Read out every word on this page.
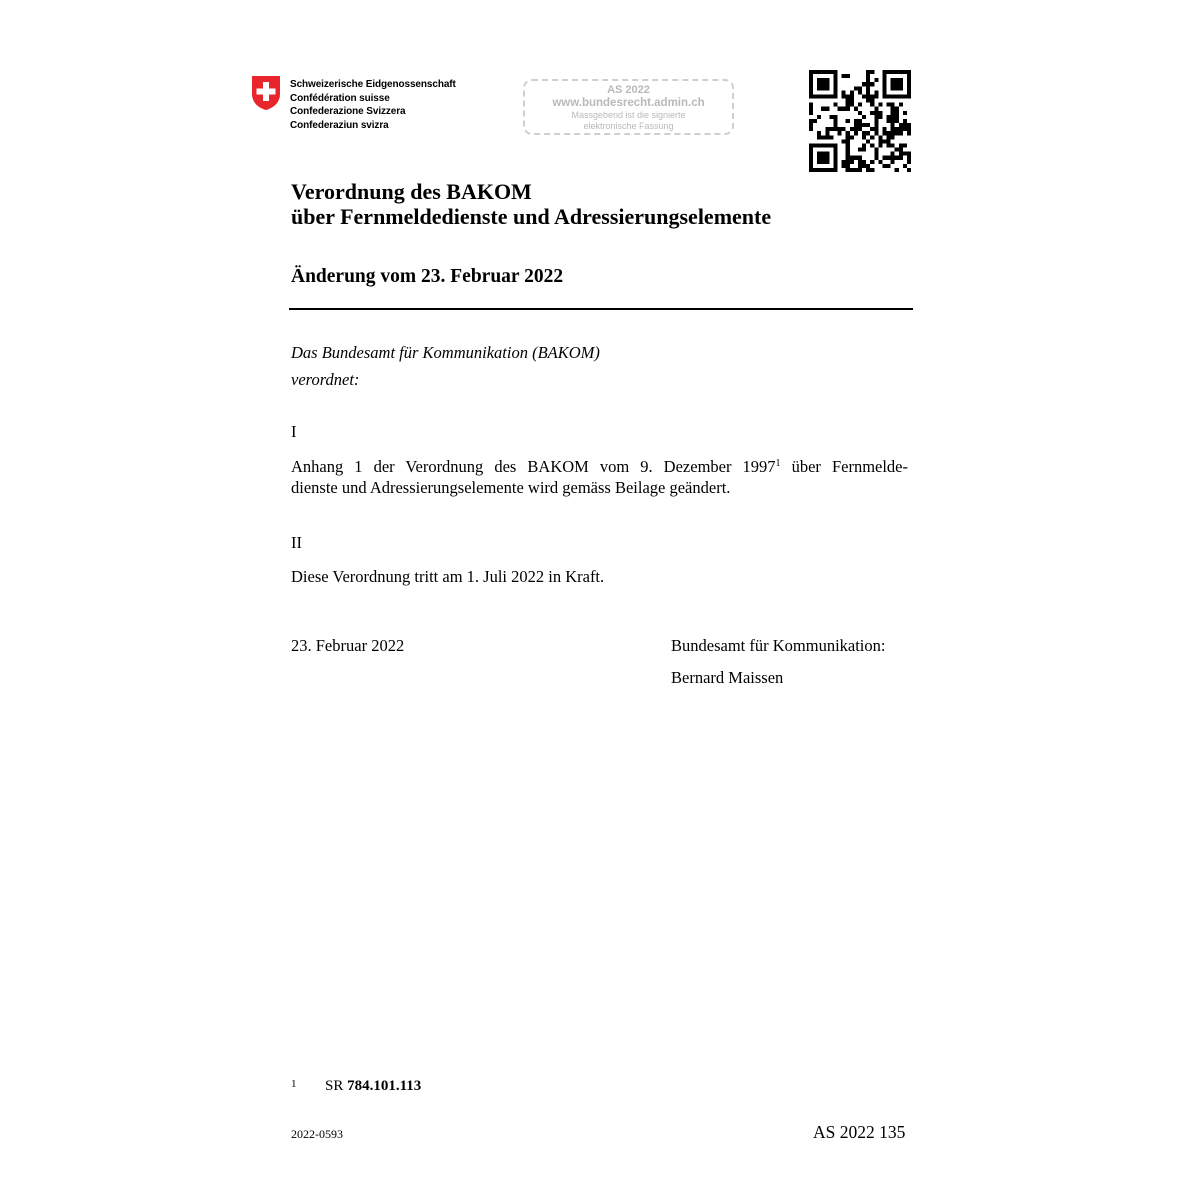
Schweizerische Eidgenossenschaft
Confédération suisse
Confederazione Svizzera
Confederaziun svizra
AS 2022
www.bundesrecht.admin.ch
Massgebend ist die signierte
elektronische Fassung
Verordnung des BAKOM
über Fernmeldedienste und Adressierungselemente
Änderung vom 23. Februar 2022
Das Bundesamt für Kommunikation (BAKOM)
verordnet:
I
Anhang 1 der Verordnung des BAKOM vom 9. Dezember 1997$^1$ über Fernmelde-
dienste und Adressierungselemente wird gemäss Beilage geändert.
II
Diese Verordnung tritt am 1. Juli 2022 in Kraft.
23. Februar 2022	Bundesamt für Kommunikation:
Bernard Maissen
1 SR 784.101.113
2022-0593	AS 2022 135
